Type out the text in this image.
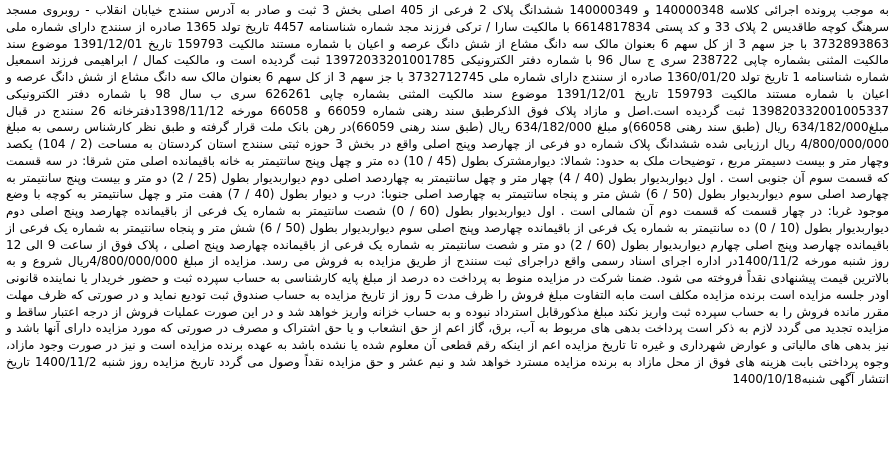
به موجب پرونده اجرائی کلاسه 140000348 و 140000349 ششدانگ پلاک 2 فرعی از 405 اصلی بخش 3 ثبت و صادر به آدرس سنندج خیابان انقلاب - روبروی مسجد سرهنگ کوچه طاقدیس 2 پلاک 33 و کد پستی 6614817834 با مالکیت سارا / ترکی فرزند مجد شماره شناسنامه 4457 تاریخ تولد 1365 صادره از سنندج دارای شماره ملی 3732893863 با جز سهم 3 از کل سهم 6 بعنوان مالک سه دانگ مشاع از شش دانگ عرصه و اعیان با شماره مستند مالکیت 159793 تاریخ 1391/12/01 موضوع سند مالکیت المثنی بشماره چاپی 238722 سری ج سال 96 با شماره دفتر الکترونیکی 13972033201001785 ثبت گردیده است و، مالکیت کمال / ابراهیمی فرزند اسمعیل شماره شناسنامه 1 تاریخ تولد 1360/01/20 صادره از سنندج دارای شماره ملی 3732712745 با جز سهم 3 از کل سهم 6 بعنوان مالک سه دانگ مشاع از شش دانگ عرصه و اعیان با شماره مستند مالکیت 159793 تاریخ 1391/12/01 موضوع سند مالکیت المثنی بشماره چاپی 626261 سری ب سال 98 با شماره دفتر الکترونیکی 139820332001005337 ثبت گردیده است.اصل و مازاد پلاک فوق الذکرطبق سند رهنی شماره 66059 و 66058 مورخه 1398/11/12دفترخانه 26 سنندج در قبال مبلغ634/182/000 ریال (طبق سند رهنی 66058)و مبلغ 634/182/000 ریال (طبق سند رهنی 66059)در رهن بانک ملت قرار گرفته و طبق نظر کارشناس رسمی به مبلغ 4/800/000/000 ریال ارزیابی شده ششدانگ پلاک شماره دو فرعی از چهارصد وپنج اصلی واقع در بخش 3 حوزه ثبتی سنندج استان کردستان به مساحت (2 / 104) یکصد وچهار متر و بیست دسیمتر مربع ، توضیحات ملک به حدود: شمالا: دیوارمشترک بطول (45 / 10) ده متر و چهل وپنج سانتیمتر به خانه باقیمانده اصلی متن شرقا: در سه قسمت که قسمت سوم آن جنوبی است . اول دیواربدیوار بطول (40 / 4) چهار متر و چهل سانتیمتر به چهاردصد اصلی دوم دیواربدیوار بطول (25 / 2) دو متر و بیست وپنج سانتیمتر به چهارصد اصلی سوم دیواربدیوار بطول (50 / 6) شش متر و پنجاه سانتیمتر به چهارصد اصلی جنوبا: درب و دیوار بطول (40 / 7) هفت متر و چهل سانتیمتر به کوچه با وضع موجود غربا: در چهار قسمت که قسمت دوم آن شمالی است . اول دیواربدیوار بطول (60 / 0) شصت سانتیمتر به شماره یک فرعی از باقیمانده چهارصد وپنج اصلی دوم دیواربدیوار بطول (10 / 0) ده سانتیمتر به شماره یک فرعی از باقیمانده چهارصد وپنج اصلی سوم دیواربدیوار بطول (50 / 6) شش متر و پنجاه سانتیمتر به شماره یک فرعی از باقیمانده چهارصد وپنج اصلی چهارم دیواربدیوار بطول (60 / 2) دو متر و شصت سانتیمتر به شماره یک فرعی از باقیمانده چهارصد وپنج اصلی ، پلاک فوق از ساعت 9 الی 12 روز شنبه مورخه 1400/11/2در اداره اجرای اسناد رسمی واقع دراجرای ثبت سنندج از طریق مزایده به فروش می رسد. مزایده از مبلغ 4/800/000/000ریال شروع و به بالاترین قیمت پیشنهادی نقداً فروخته می شود. ضمنا شرکت در مزایده منوط به پرداخت ده درصد از مبلغ پایه کارشناسی به حساب سپرده ثبت و حضور خریدار یا نماینده قانونی اودر جلسه مزایده است برنده مزایده مکلف است مابه التفاوت مبلغ فروش را ظرف مدت 5 روز از تاریخ مزایده به حساب صندوق ثبت تودیع نماید و در صورتی که ظرف مهلت مقرر مانده فروش را به حساب سپرده ثبت واریز نکند مبلغ مذکورقابل استرداد نبوده و به حساب خزانه واریز خواهد شد و در این صورت عملیات فروش از درجه اعتبار ساقط و مزایده تجدید می گردد لازم به ذکر است پرداخت بدهی های مربوط به آب، برق، گاز اعم از حق انشعاب و یا حق اشتراک و مصرف در صورتی که مورد مزایده دارای آنها باشد و نیز بدهی های مالیاتی و عوارض شهرداری و غیره تا تاریخ مزایده اعم از اینکه رقم قطعی آن معلوم شده یا نشده باشد به عهده برنده مزایده است و نیز در صورت وجود مازاد، وجوه پرداختی بابت هزینه های فوق از محل مازاد به برنده مزایده مسترد خواهد شد و نیم عشر و حق مزایده نقداً وصول می گردد تاریخ مزایده روز شنبه 1400/11/2 تاریخ انتشار آگهی شنبه1400/10/18
